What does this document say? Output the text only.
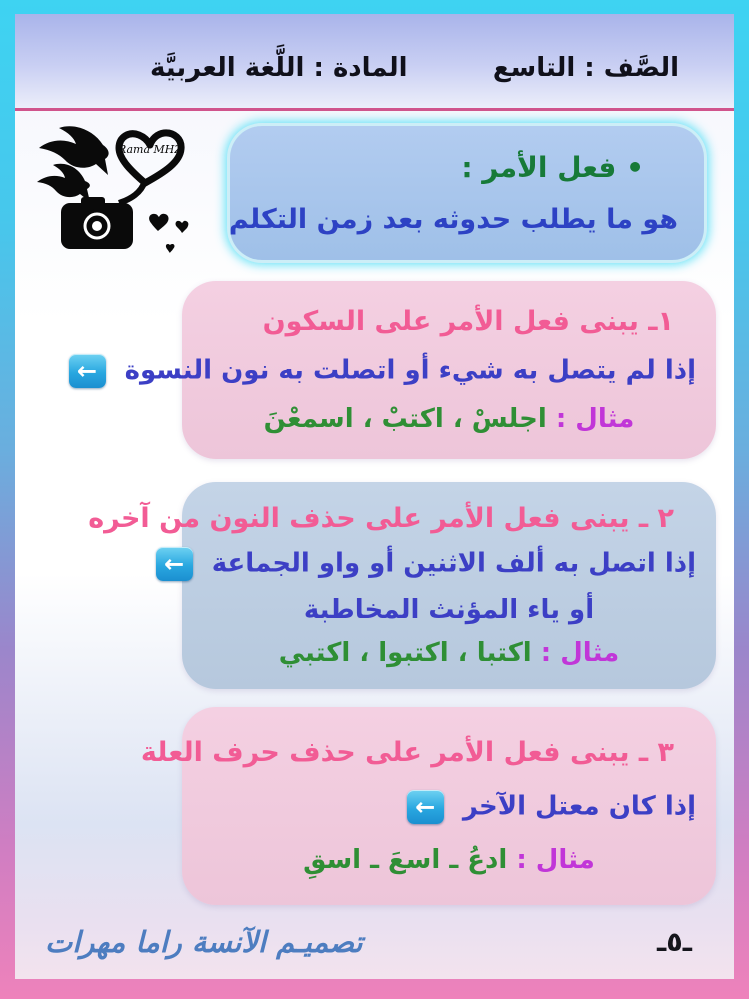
الصَّف : التاسع
المادة : اللَّغة العربيَّة
Rama MHZ
• فعل الأمر :
هو ما يطلب حدوثه بعد زمن التكلم
١ـ يبنى فعل الأمر على السكون
إذا لم يتصل به شيء أو اتصلت به نون النسوة ←
مثال : اجلسْ ، اكتبْ ، اسمعْنَ
٢ ـ يبنى فعل الأمر على حذف النون من آخره
إذا اتصل به ألف الاثنين أو واو الجماعة ←
أو ياء المؤنث المخاطبة
مثال : اكتبا ، اكتبوا ، اكتبي
٣ ـ يبنى فعل الأمر على حذف حرف العلة
إذا كان معتل الآخر ←
مثال : ادعُ ـ اسعَ ـ اسقِ
تصميـم الآنسة راما مهرات	ـ٥ـ
